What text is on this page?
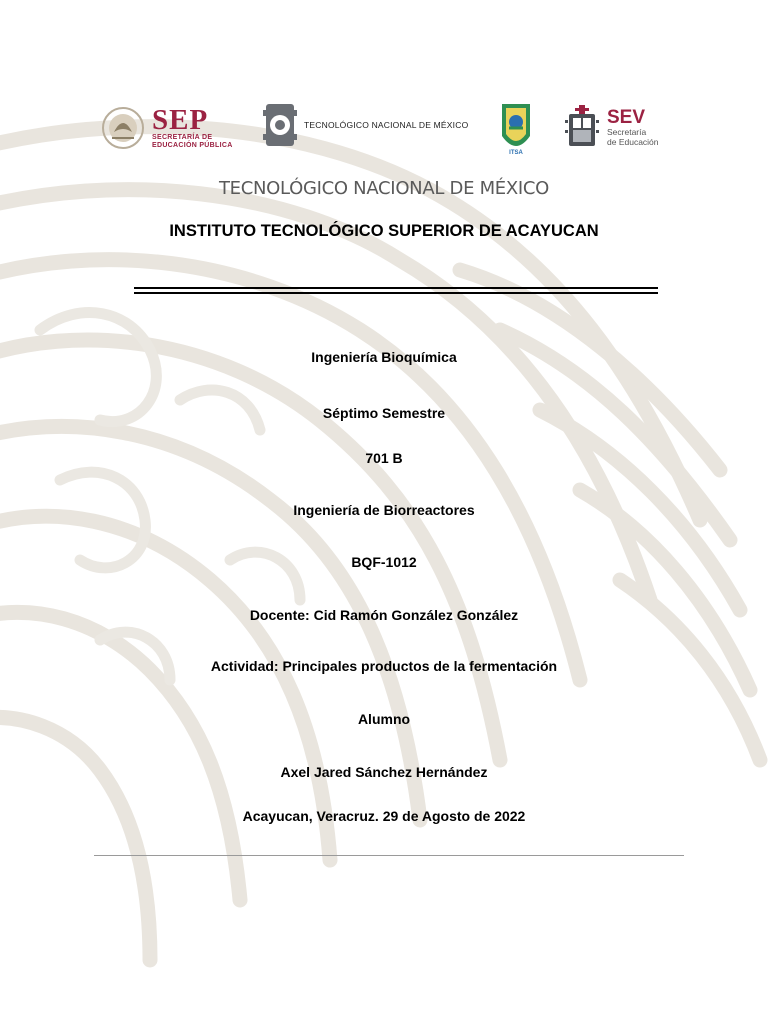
SEP
SECRETARÍA DE
EDUCACIÓN PÚBLICA
TECNOLÓGICO NACIONAL DE MÉXICO
ITSA
SEV
Secretaría
de Educación
TECNOLÓGICO NACIONAL DE MÉXICO
INSTITUTO TECNOLÓGICO SUPERIOR DE ACAYUCAN
Ingeniería Bioquímica
Séptimo Semestre
701 B
Ingeniería de Biorreactores
BQF-1012
Docente: Cid Ramón González González
Actividad: Principales productos de la fermentación
Alumno
Axel Jared Sánchez Hernández
Acayucan, Veracruz. 29 de Agosto de 2022
